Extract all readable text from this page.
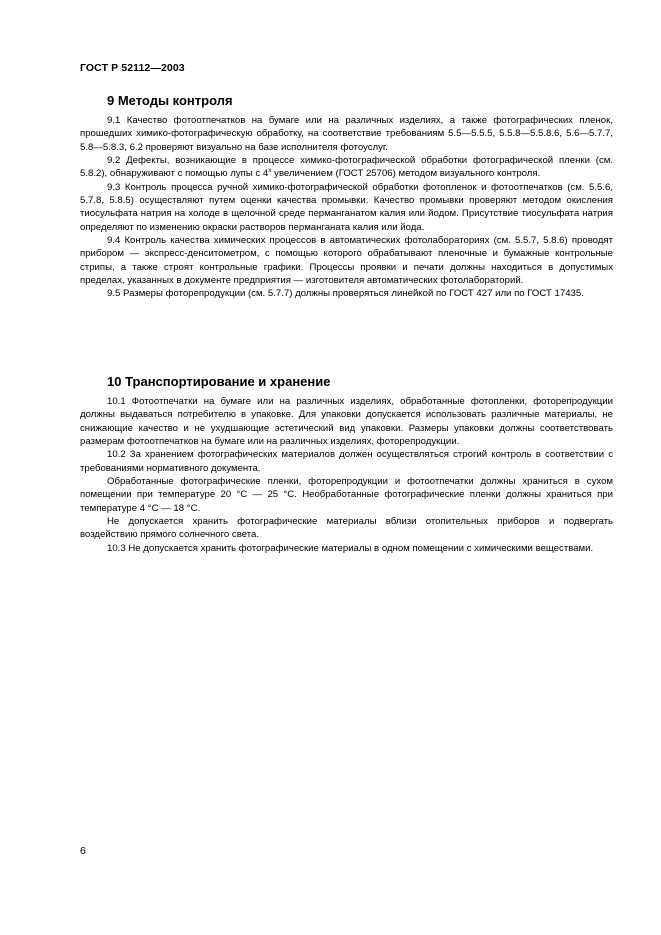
ГОСТ Р 52112—2003
9 Методы контроля

9.1 Качество фотоотпечатков на бумаге или на различных изделиях, а также фотографических пленок, прошедших химико-фотографическую обработку, на соответствие требованиям 5.5—5.5.5, 5.5.8—5.5.8.6, 5.6—5.7.7, 5.8—5.8.3, 6.2 проверяют визуально на базе исполнителя фотоуслуг.

9.2 Дефекты, возникающие в процессе химико-фотографической обработки фотографической пленки (см. 5.8.2), обнаруживают с помощью лупы с 4$^x$ увеличением (ГОСТ 25706) методом визуального контроля.

9.3 Контроль процесса ручной химико-фотографической обработки фотопленок и фотоотпечатков (см. 5.5.6, 5.7.8, 5.8.5) осуществляют путем оценки качества промывки. Качество промывки проверяют методом окисления тиосульфата натрия на холоде в щелочной среде перманганатом калия или йодом. Присутствие тиосульфата натрия определяют по изменению окраски растворов перманганата калия или йода.

9.4 Контроль качества химических процессов в автоматических фотолабораториях (см. 5.5.7, 5.8.6) проводят прибором — экспресс-денситометром, с помощью которого обрабатывают пленочные и бумажные контрольные стрипы, а также строят контрольные графики. Процессы проявки и печати должны находиться в допустимых пределах, указанных в документе предприятия — изготовителя автоматических фотолабораторий.

9.5 Размеры фоторепродукции (см. 5.7.7) должны проверяться линейкой по ГОСТ 427 или по ГОСТ 17435.

10 Транспортирование и хранение

10.1 Фотоотпечатки на бумаге или на различных изделиях, обработанные фотопленки, фоторепродукции должны выдаваться потребителю в упаковке. Для упаковки допускается использовать различные материалы, не снижающие качество и не ухудшающие эстетический вид упаковки. Размеры упаковки должны соответствовать размерам фотоотпечатков на бумаге или на различных изделиях, фоторепродукции.

10.2 За хранением фотографических материалов должен осуществляться строгий контроль в соответствии с требованиями нормативного документа.

Обработанные фотографические пленки, фоторепродукции и фотоотпечатки должны храниться в сухом помещении при температуре 20 °С — 25 °С. Необработанные фотографические пленки должны храниться при температуре 4 °С — 18 °С.

Не допускается хранить фотографические материалы вблизи отопительных приборов и подвергать воздействию прямого солнечного света.

10.3 Не допускается хранить фотографические материалы в одном помещении с химическими веществами.

6
